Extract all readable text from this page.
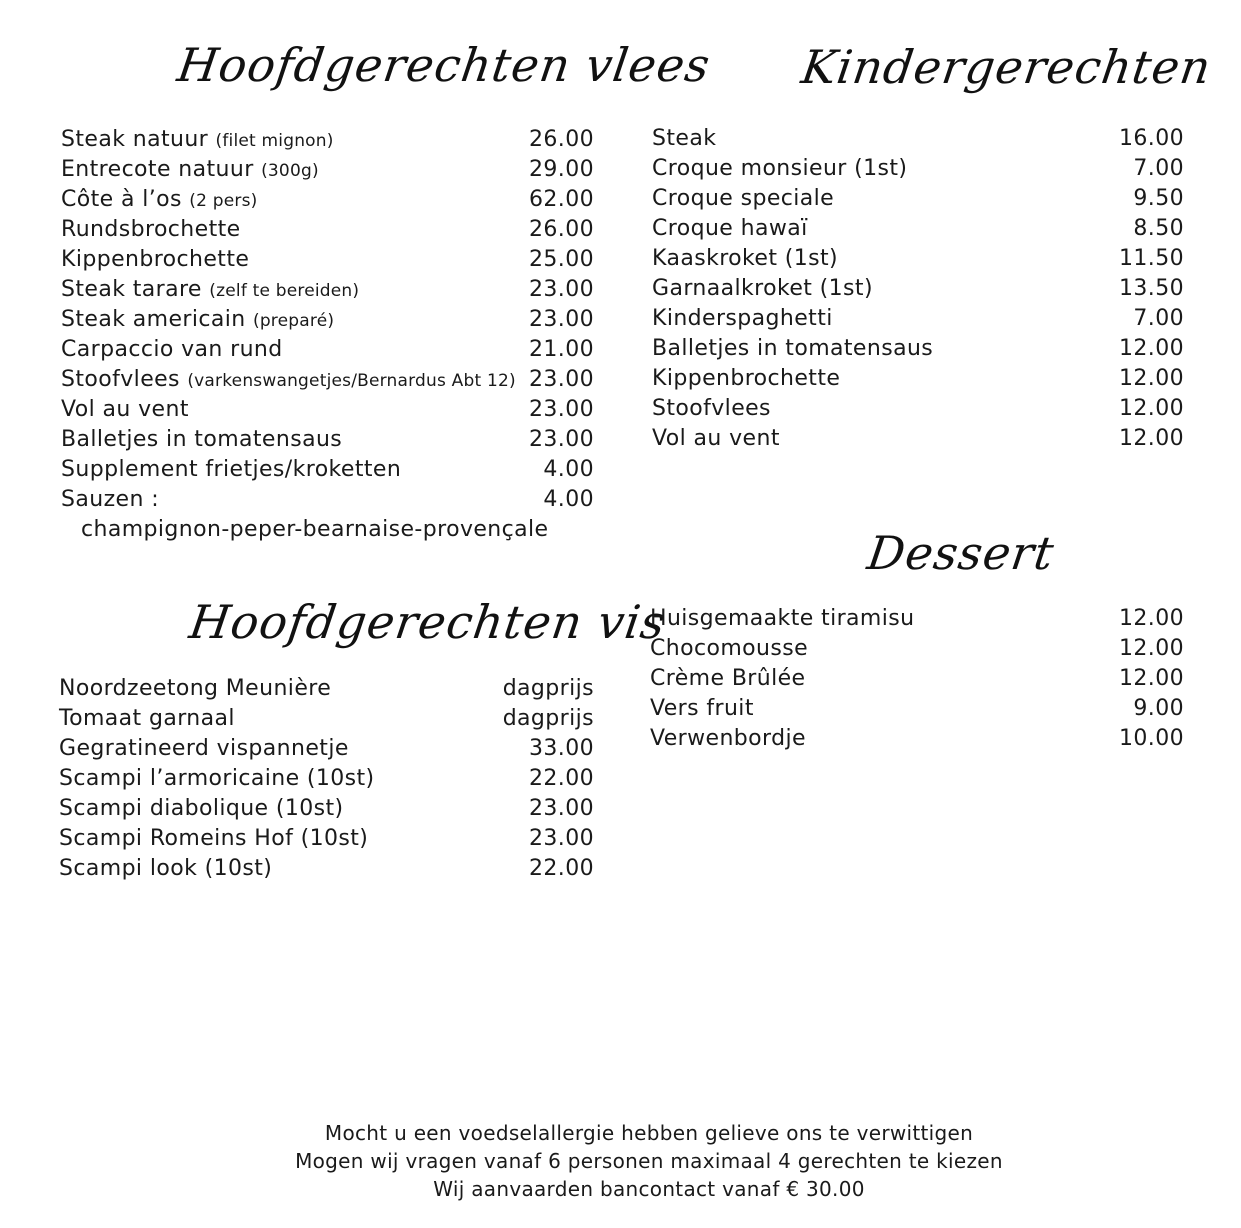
Hoofdgerechten vlees
Steak natuur (filet mignon)	26.00
Entrecote natuur (300g)	29.00
Côte à l’os (2 pers)	62.00
Rundsbrochette	26.00
Kippenbrochette	25.00
Steak tarare (zelf te bereiden)	23.00
Steak americain (preparé)	23.00
Carpaccio van rund	21.00
Stoofvlees (varkenswangetjes/Bernardus Abt 12) 23.00
Vol au vent	23.00
Balletjes in tomatensaus	23.00
Supplement frietjes/kroketten	4.00
Sauzen :	4.00
champignon-peper-bearnaise-provençale
Hoofdgerechten vis
Noordzeetong Meunière	dagprijs
Tomaat garnaal	dagprijs
Gegratineerd vispannetje	33.00
Scampi l’armoricaine (10st)	22.00
Scampi diabolique (10st)	23.00
Scampi Romeins Hof (10st)	23.00
Scampi look (10st)	22.00
Kindergerechten
Steak	16.00
Croque monsieur (1st)	7.00
Croque speciale	9.50
Croque hawaï	8.50
Kaaskroket (1st)	11.50
Garnaalkroket (1st)	13.50
Kinderspaghetti	7.00
Balletjes in tomatensaus	12.00
Kippenbrochette	12.00
Stoofvlees	12.00
Vol au vent	12.00
Dessert
Huisgemaakte tiramisu	12.00
Chocomousse	12.00
Crème Brûlée	12.00
Vers fruit	9.00
Verwenbordje	10.00
Mocht u een voedselallergie hebben gelieve ons te verwittigen
Mogen wij vragen vanaf 6 personen maximaal 4 gerechten te kiezen
Wij aanvaarden bancontact vanaf € 30.00
